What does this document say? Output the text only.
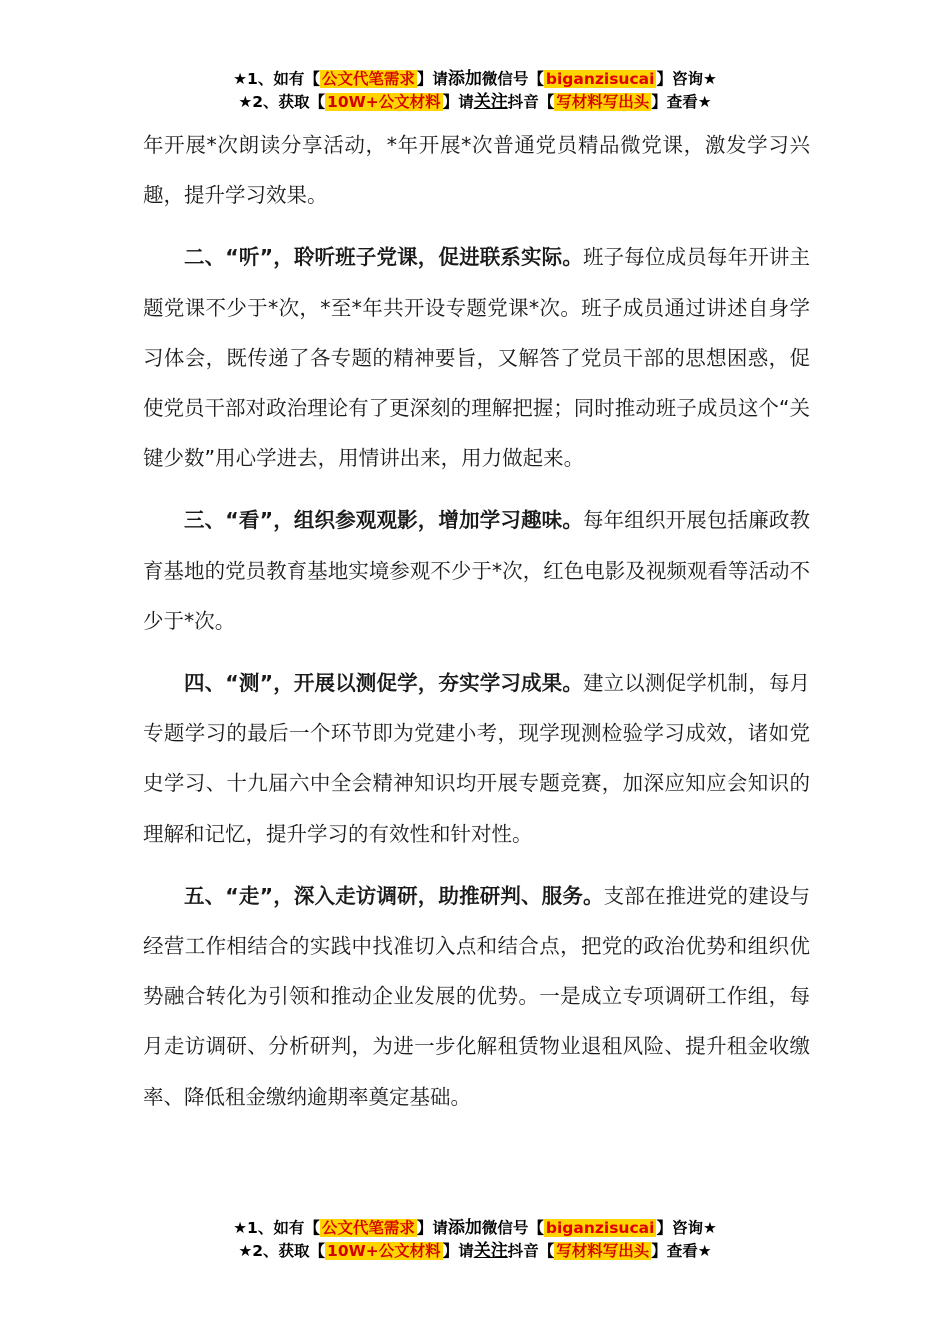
★1、如有【 公文代笔需求 】请添加微信号【 biganzisucai 】咨询★
★2、获取【 10W+公文材料 】请关注抖音【 写材料写出头 】查看★

年开展*次朗读分享活动，*年开展*次普通党员精品微党课，激发学习兴趣，提升学习效果。

二、“听”，聆听班子党课，促进联系实际。班子每位成员每年开讲主题党课不少于*次，*至*年共开设专题党课*次。班子成员通过讲述自身学习体会，既传递了各专题的精神要旨，又解答了党员干部的思想困惑，促使党员干部对政治理论有了更深刻的理解把握；同时推动班子成员这个“关键少数”用心学进去，用情讲出来，用力做起来。

三、“看”，组织参观观影，增加学习趣味。每年组织开展包括廉政教育基地的党员教育基地实境参观不少于*次，红色电影及视频观看等活动不少于*次。

四、“测”，开展以测促学，夯实学习成果。建立以测促学机制，每月专题学习的最后一个环节即为党建小考，现学现测检验学习成效，诸如党史学习、十九届六中全会精神知识均开展专题竞赛，加深应知应会知识的理解和记忆，提升学习的有效性和针对性。

五、“走”，深入走访调研，助推研判、服务。支部在推进党的建设与经营工作相结合的实践中找准切入点和结合点，把党的政治优势和组织优势融合转化为引领和推动企业发展的优势。一是成立专项调研工作组，每月走访调研、分析研判，为进一步化解租赁物业退租风险、提升租金收缴率、降低租金缴纳逾期率奠定基础。

★1、如有【 公文代笔需求 】请添加微信号【 biganzisucai 】咨询★
★2、获取【 10W+公文材料 】请关注抖音【 写材料写出头 】查看★
